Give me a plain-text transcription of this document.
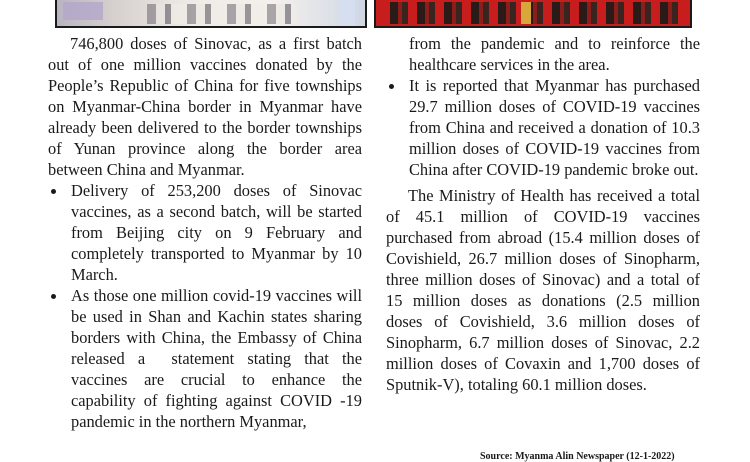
746,800 doses of Sinovac, as a first batch out of one million vaccines donated by the People’s Republic of China for five townships on Myanmar-China border in Myanmar have already been delivered to the border townships of Yunan province along the border area between China and Myanmar.

Delivery of 253,200 doses of Sinovac vaccines, as a second batch, will be started from Beijing city on 9 February and completely transported to Myanmar by 10 March.

As those one million covid-19 vaccines will be used in Shan and Kachin states sharing borders with China, the Embassy of China released a  statement stating that the vaccines are crucial to enhance the capability of fighting against COVID -19 pandemic in the northern Myanmar,

from the pandemic and to reinforce the healthcare services in the area.

It is reported that Myanmar has purchased 29.7 million doses of COVID-19 vaccines from China and received a donation of 10.3 million doses of COVID-19 vaccines from China after COVID-19 pandemic broke out.

The Ministry of Health has received a total of 45.1 million of COVID-19 vaccines purchased from abroad (15.4 million doses of Covishield, 26.7 million doses of Sinopharm, three million doses of Sinovac) and a total of 15 million doses as donations (2.5 million doses of Covishield, 3.6 million doses of Sinopharm, 6.7 million doses of Sinovac, 2.2 million doses of Covaxin and 1,700 doses of Sputnik-V), totaling 60.1 million doses.

Source: Myanma Alin Newspaper (12-1-2022)
